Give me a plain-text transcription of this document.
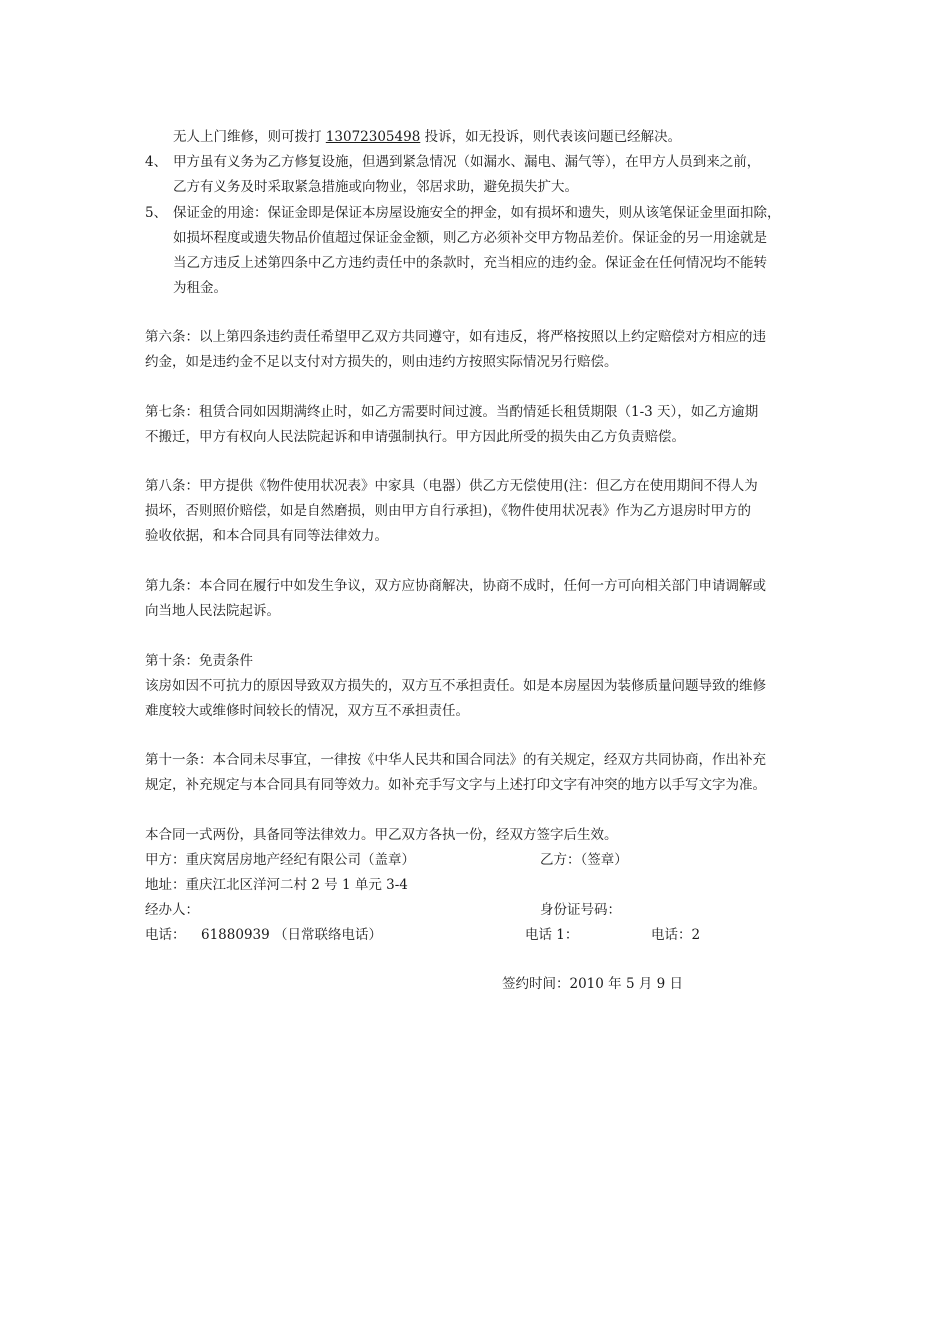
无人上门维修，则可拨打 13072305498 投诉，如无投诉，则代表该问题已经解决。
4、 甲方虽有义务为乙方修复设施，但遇到紧急情况（如漏水、漏电、漏气等），在甲方人员到来之前，
乙方有义务及时采取紧急措施或向物业，邻居求助，避免损失扩大。
5、 保证金的用途：保证金即是保证本房屋设施安全的押金，如有损坏和遗失，则从该笔保证金里面扣除，
如损坏程度或遗失物品价值超过保证金金额，则乙方必须补交甲方物品差价。保证金的另一用途就是
当乙方违反上述第四条中乙方违约责任中的条款时，充当相应的违约金。保证金在任何情况均不能转
为租金。
第六条：以上第四条违约责任希望甲乙双方共同遵守，如有违反，将严格按照以上约定赔偿对方相应的违
约金，如是违约金不足以支付对方损失的，则由违约方按照实际情况另行赔偿。
第七条：租赁合同如因期满终止时，如乙方需要时间过渡。当酌情延长租赁期限（1-3 天），如乙方逾期
不搬迁，甲方有权向人民法院起诉和申请强制执行。甲方因此所受的损失由乙方负责赔偿。
第八条：甲方提供《物件使用状况表》中家具（电器）供乙方无偿使用(注：但乙方在使用期间不得人为
损坏，否则照价赔偿，如是自然磨损，则由甲方自行承担)，《物件使用状况表》作为乙方退房时甲方的
验收依据，和本合同具有同等法律效力。
第九条：本合同在履行中如发生争议，双方应协商解决，协商不成时，任何一方可向相关部门申请调解或
向当地人民法院起诉。
第十条：免责条件
该房如因不可抗力的原因导致双方损失的，双方互不承担责任。如是本房屋因为装修质量问题导致的维修
难度较大或维修时间较长的情况，双方互不承担责任。
第十一条：本合同未尽事宜，一律按《中华人民共和国合同法》的有关规定，经双方共同协商，作出补充
规定，补充规定与本合同具有同等效力。如补充手写文字与上述打印文字有冲突的地方以手写文字为准。
本合同一式两份，具备同等法律效力。甲乙双方各执一份，经双方签字后生效。
甲方：重庆窝居房地产经纪有限公司（盖章）	乙方：（签章）
地址：重庆江北区洋河二村 2 号 1 单元 3-4
经办人：	身份证号码：
电话： 61880939 （日常联络电话）	电话 1：	电话：2
签约时间：2010 年 5 月 9 日
